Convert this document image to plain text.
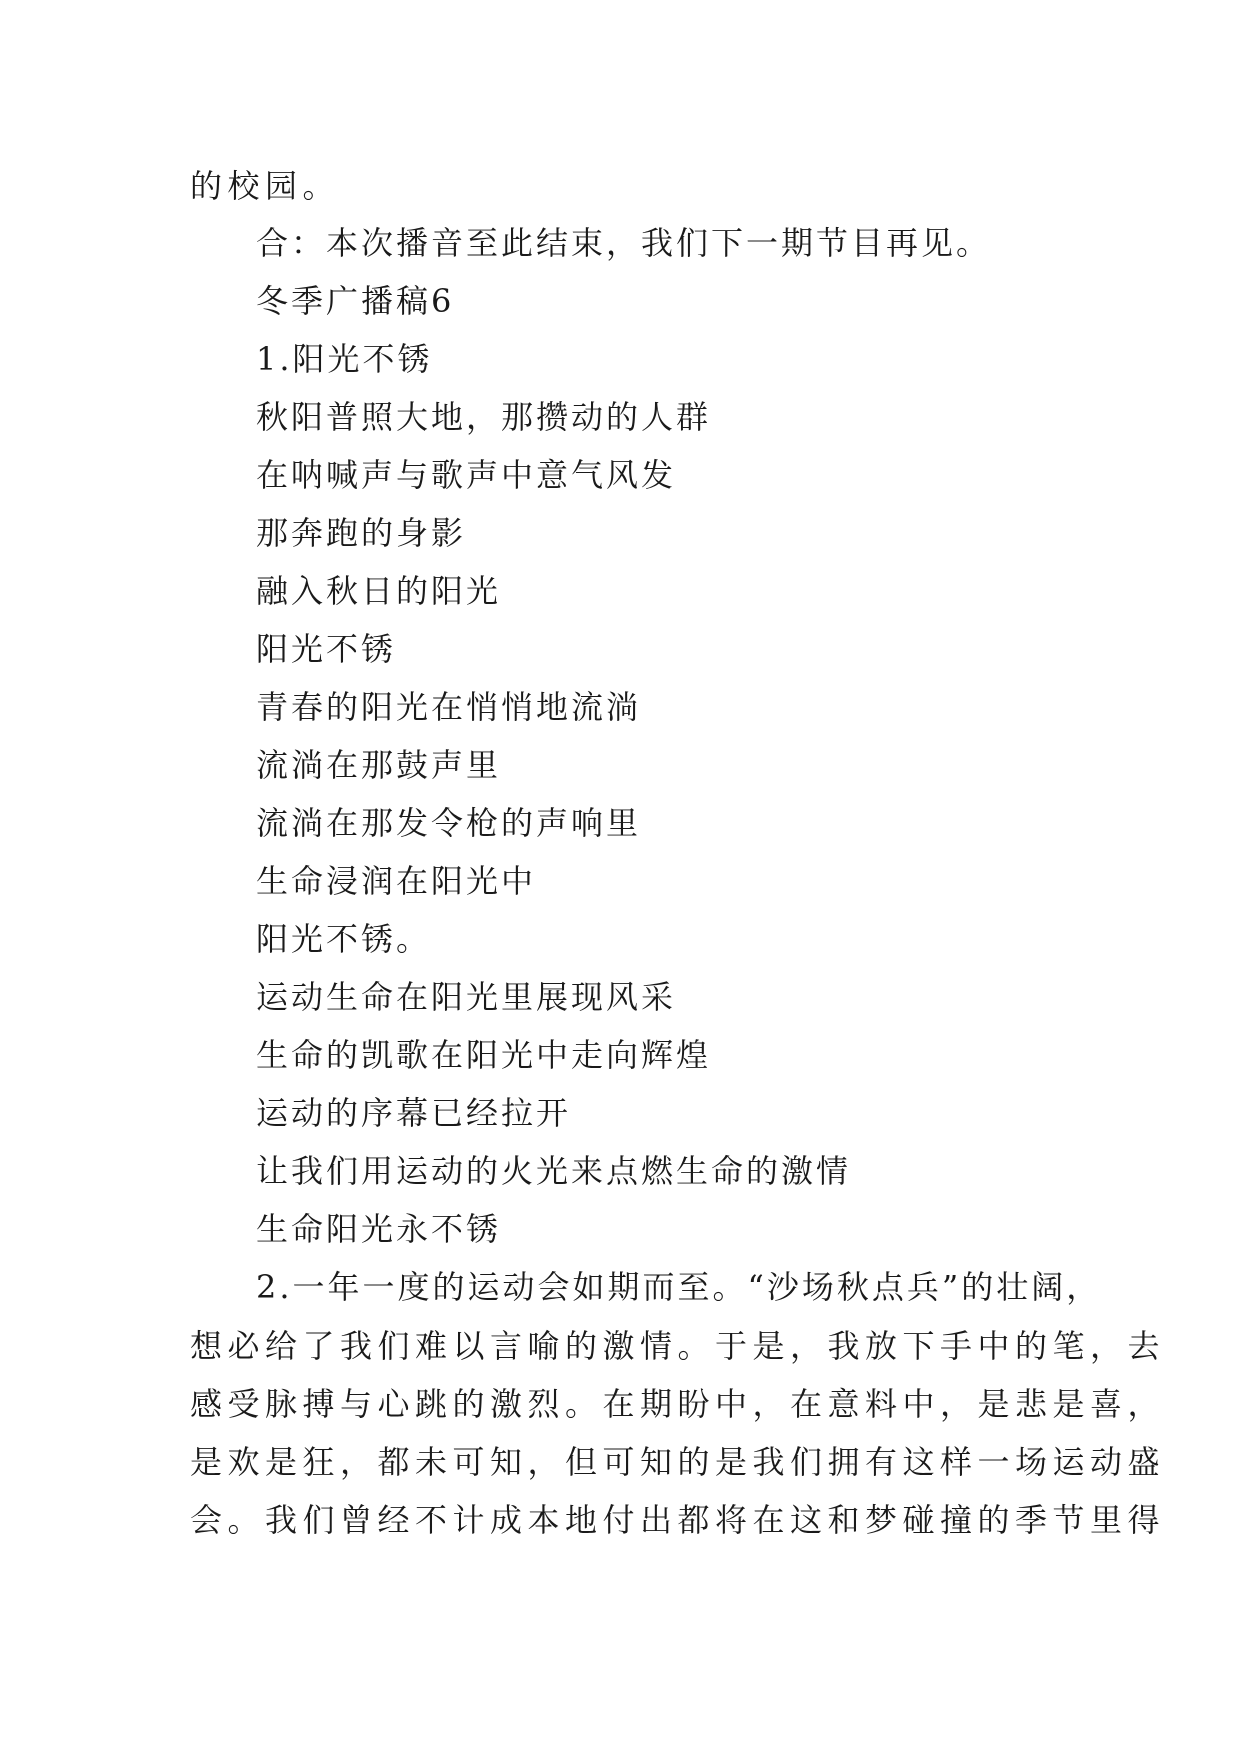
的校园。
合：本次播音至此结束，我们下一期节目再见。
冬季广播稿6
1.阳光不锈
秋阳普照大地，那攒动的人群
在呐喊声与歌声中意气风发
那奔跑的身影
融入秋日的阳光
阳光不锈
青春的阳光在悄悄地流淌
流淌在那鼓声里
流淌在那发令枪的声响里
生命浸润在阳光中
阳光不锈。
运动生命在阳光里展现风采
生命的凯歌在阳光中走向辉煌
运动的序幕已经拉开
让我们用运动的火光来点燃生命的激情
生命阳光永不锈
2.一年一度的运动会如期而至。“沙场秋点兵”的壮阔，
想必给了我们难以言喻的激情。于是，我放下手中的笔，去
感受脉搏与心跳的激烈。在期盼中，在意料中，是悲是喜，
是欢是狂，都未可知，但可知的是我们拥有这样一场运动盛
会。我们曾经不计成本地付出都将在这和梦碰撞的季节里得
